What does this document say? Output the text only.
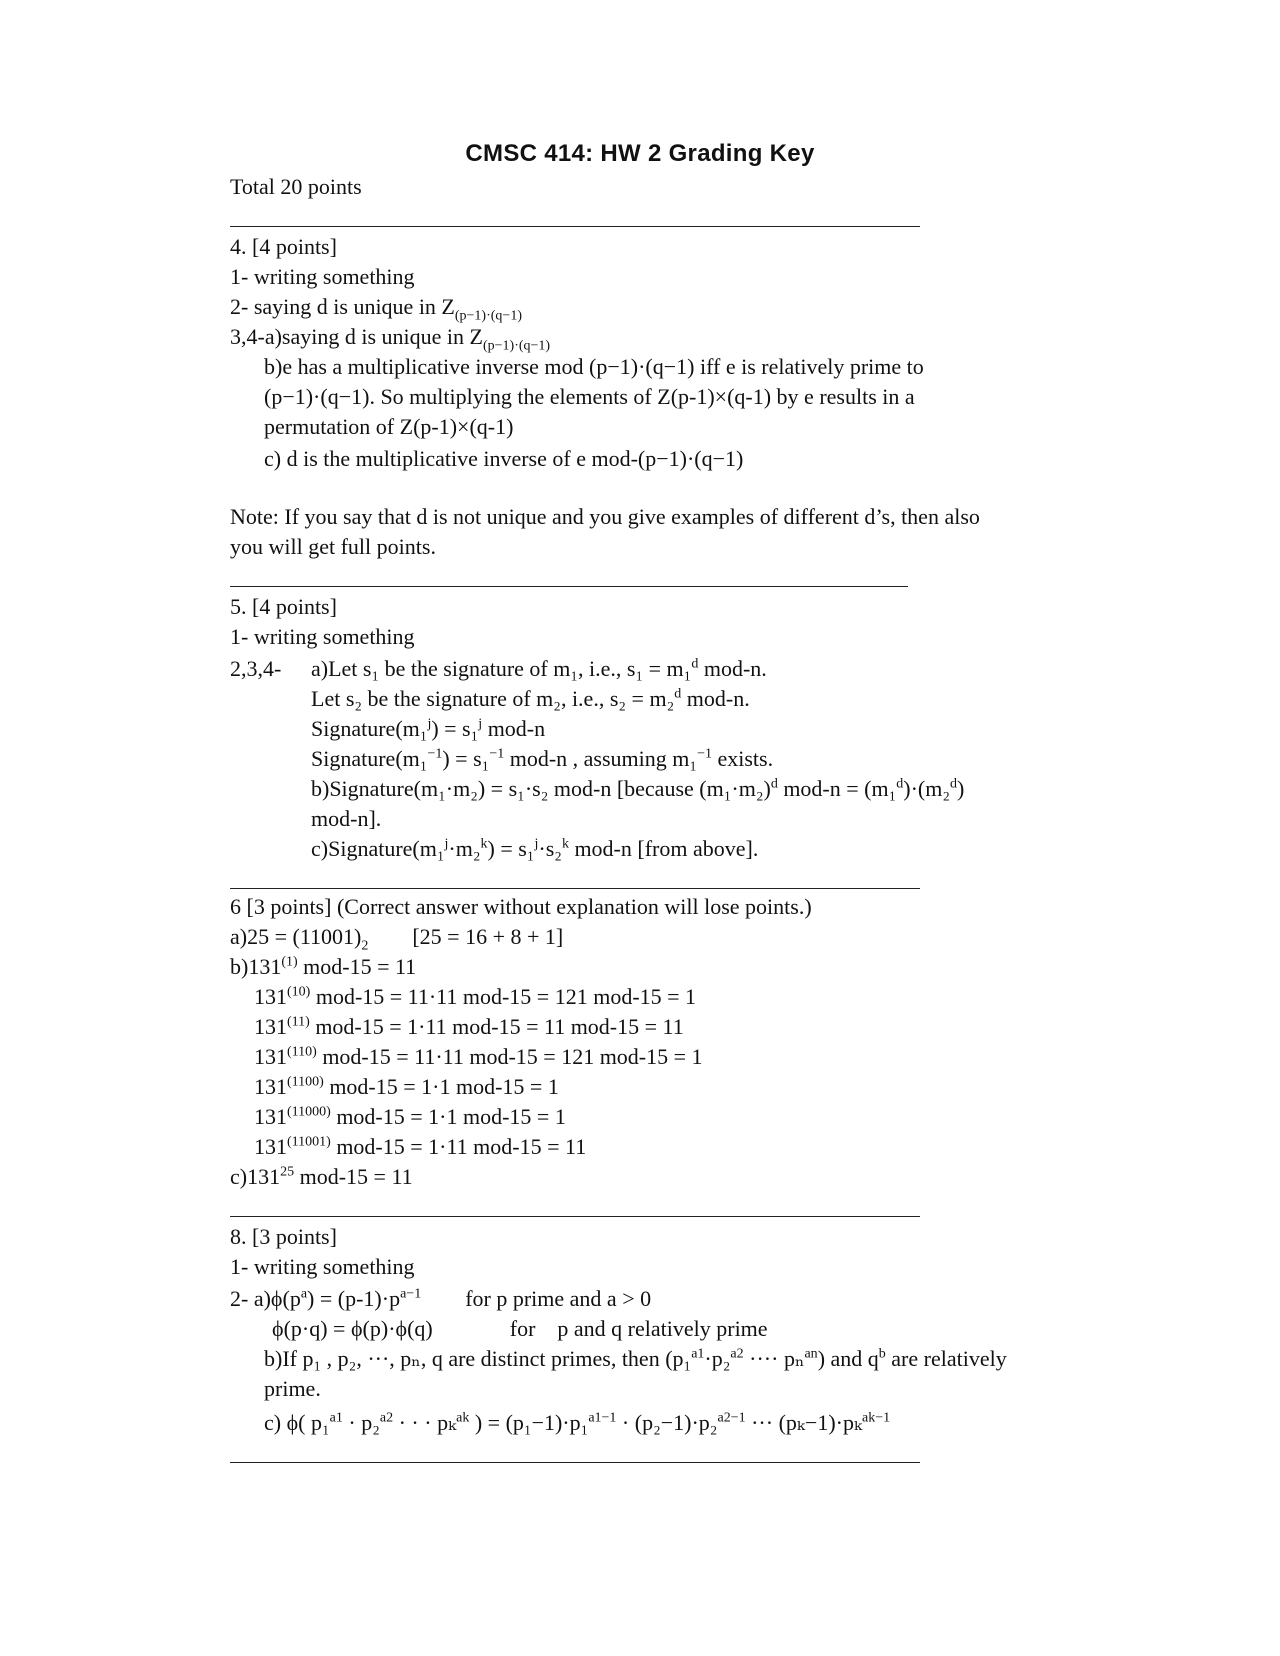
CMSC 414: HW 2 Grading Key
Total 20 points
4. [4 points]
1- writing something
2- saying d is unique in $Z_{(p-1)\cdot(q-1)}$
3,4-a)saying d is unique in $Z_{(p-1)\cdot(q-1)}$
b)e has a multiplicative inverse mod (p−1)·(q−1) iff e is relatively prime to
(p−1)·(q−1). So multiplying the elements of Z(p-1)×(q-1) by e results in a
permutation of Z(p-1)×(q-1)
c) d is the multiplicative inverse of e mod-(p−1)·(q−1)
Note: If you say that d is not unique and you give examples of different d’s, then also
you will get full points.
5. [4 points]
1- writing something
2,3,4- a)Let s₁ be the signature of m₁, i.e., s₁ = m₁$^d$ mod-n.
Let s₂ be the signature of m₂, i.e., s₂ = m₂$^d$ mod-n.
Signature(m₁$^j$) = s₁$^j$ mod-n
Signature(m₁$^{-1}$) = s₁$^{-1}$ mod-n , assuming m₁$^{-1}$ exists.
b)Signature(m₁·m₂) = s₁·s₂ mod-n [because $(m_1\cdot m_2)^d$ mod-n = (m₁$^d$)·(m₂$^d$)
mod-n].
c)Signature(m₁$^j$·m₂$^k$) = s₁$^j$·s₂$^k$ mod-n [from above].
6 [3 points] (Correct answer without explanation will lose points.)
$a)25 = (11001)_2$        [25 = 16 + 8 + 1]
b)131$^{(1)}$ mod-15 = 11
131$^{(10)}$ mod-15 = 11·11 mod-15 = 121 mod-15 = 1
131$^{(11)}$ mod-15 = 1·11 mod-15 = 11 mod-15 = 11
131$^{(110)}$ mod-15 = 11·11 mod-15 = 121 mod-15 = 1
$131^{(1100)}$ mod-15 = 1·1 mod-15 = 1
$131^{(11000)}$ mod-15 = 1·1 mod-15 = 1
$131^{(11001)}$ mod-15 = 1·11 mod-15 = 11
$c)131^{25}$ mod-15 = 11
8. [3 points]
1- writing something
2- $a)\phi(p^a) = (p-1)\cdot p^{a-1}$        for p prime and a > 0
ϕ(p·q) = ϕ(p)·ϕ(q)              for    p and q relatively prime
b)If p₁ , p₂, ···, pₙ, q are distinct primes, then (p₁$^{a1}$·p₂$^{a2}$ ···· pₙ$^{an}$) and $q^b$ are relatively
prime.
c) ϕ( p₁$^{a1}$ · p₂$^{a2}$ · · · pₖ$^{ak}$ ) = (p₁−1)·p₁$^{a1-1}$ · (p₂−1)·p₂$^{a2-1}$ ··· (pₖ−1)·pₖ$^{ak-1}$
